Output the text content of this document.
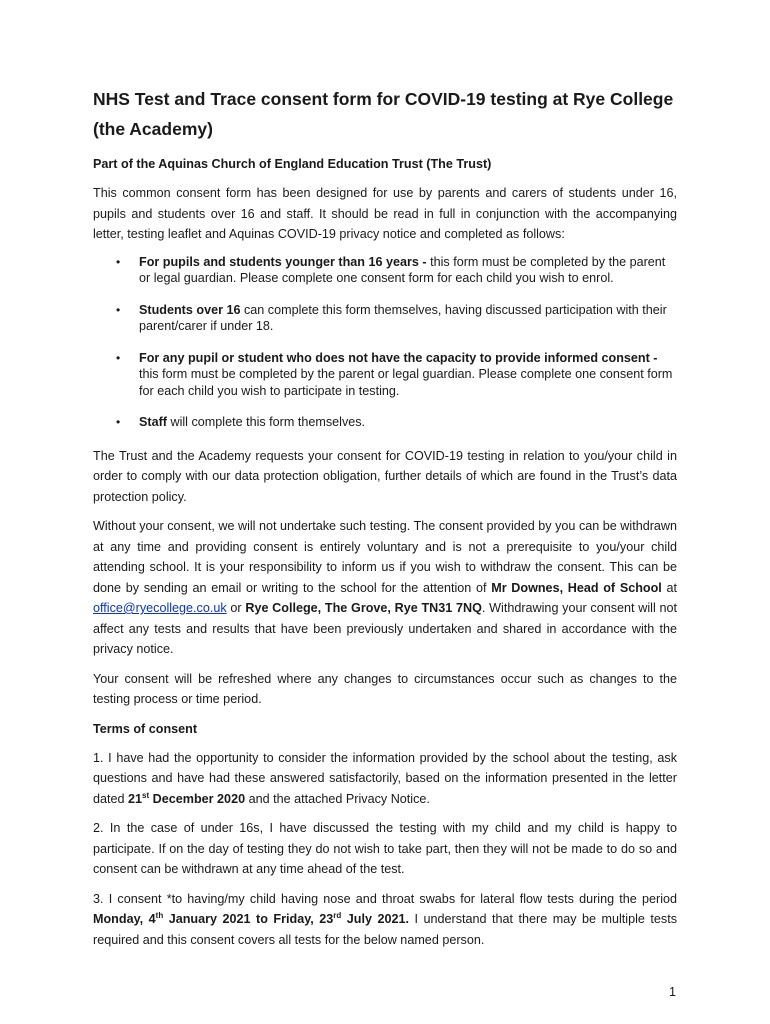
NHS Test and Trace consent form for COVID-19 testing at Rye College (the Academy)
Part of the Aquinas Church of England Education Trust (The Trust)

This common consent form has been designed for use by parents and carers of students under 16, pupils and students over 16 and staff. It should be read in full in conjunction with the accompanying letter, testing leaflet and Aquinas COVID-19 privacy notice and completed as follows:

• For pupils and students younger than 16 years - this form must be completed by the parent or legal guardian. Please complete one consent form for each child you wish to enrol.
• Students over 16 can complete this form themselves, having discussed participation with their parent/carer if under 18.
• For any pupil or student who does not have the capacity to provide informed consent - this form must be completed by the parent or legal guardian. Please complete one consent form for each child you wish to participate in testing.
• Staff will complete this form themselves.

The Trust and the Academy requests your consent for COVID-19 testing in relation to you/your child in order to comply with our data protection obligation, further details of which are found in the Trust’s data protection policy.

Without your consent, we will not undertake such testing. The consent provided by you can be withdrawn at any time and providing consent is entirely voluntary and is not a prerequisite to you/your child attending school. It is your responsibility to inform us if you wish to withdraw the consent. This can be done by sending an email or writing to the school for the attention of Mr Downes, Head of School at office@ryecollege.co.uk or Rye College, The Grove, Rye TN31 7NQ. Withdrawing your consent will not affect any tests and results that have been previously undertaken and shared in accordance with the privacy notice.

Your consent will be refreshed where any changes to circumstances occur such as changes to the testing process or time period.

Terms of consent

1. I have had the opportunity to consider the information provided by the school about the testing, ask questions and have had these answered satisfactorily, based on the information presented in the letter dated 21st December 2020 and the attached Privacy Notice.

2. In the case of under 16s, I have discussed the testing with my child and my child is happy to participate. If on the day of testing they do not wish to take part, then they will not be made to do so and consent can be withdrawn at any time ahead of the test.

3. I consent *to having/my child having nose and throat swabs for lateral flow tests during the period Monday, 4th January 2021 to Friday, 23rd July 2021. I understand that there may be multiple tests required and this consent covers all tests for the below named person.

1
